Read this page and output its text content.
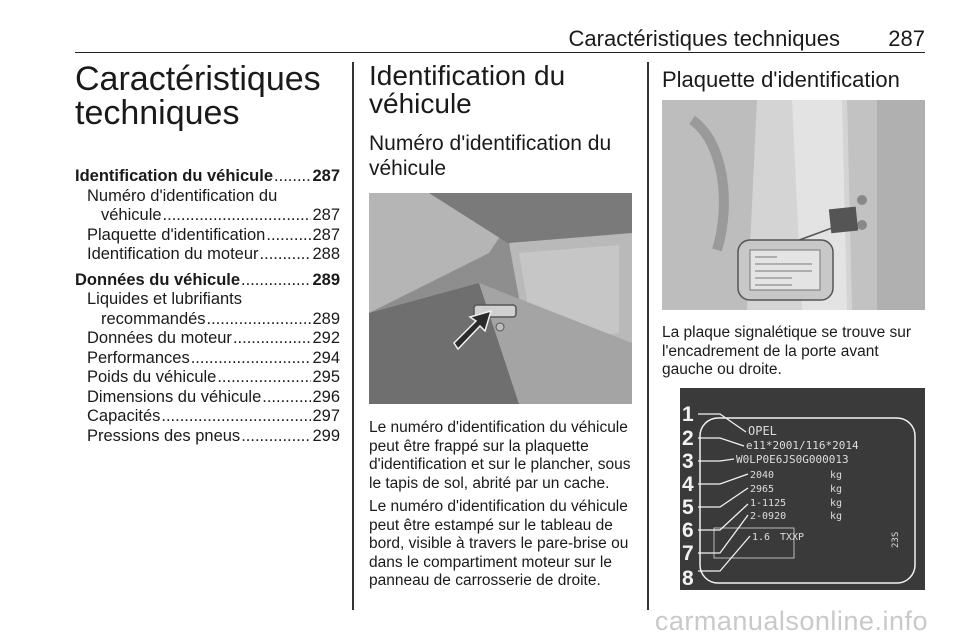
Caractéristiques techniques 287
Caractéristiques
techniques
Identification du véhicule ..... 287
Numéro d'identification du
véhicule .....	287
Plaquette d'identification .....	287
Identification du moteur .....	288
Données du véhicule .....	289
Liquides et lubrifiants
recommandés .....	289
Données du moteur .....	292
Performances .....	294
Poids du véhicule .....	295
Dimensions du véhicule .....	296
Capacités .....	297
Pressions des pneus .....	299
Identification du
véhicule
Numéro d'identification du
véhicule

Le numéro d'identification du véhicule peut être frappé sur la plaquette d'identification et sur le plancher, sous le tapis de sol, abrité par un cache.

Le numéro d'identification du véhicule peut être estampé sur le tableau de bord, visible à travers le pare-brise ou dans le compartiment moteur sur le panneau de carrosserie de droite.

Plaquette d'identification

La plaque signalétique se trouve sur l'encadrement de la porte avant gauche ou droite.

1
2
3
4
5
6
7
8
OPEL
e11*2001/116*2014
W0LP0E6JS0G000013
2040
2965
1-1125
2-0920
kg
kg
kg
kg
1.6 TXXP	23S
carmanualsonline.info
